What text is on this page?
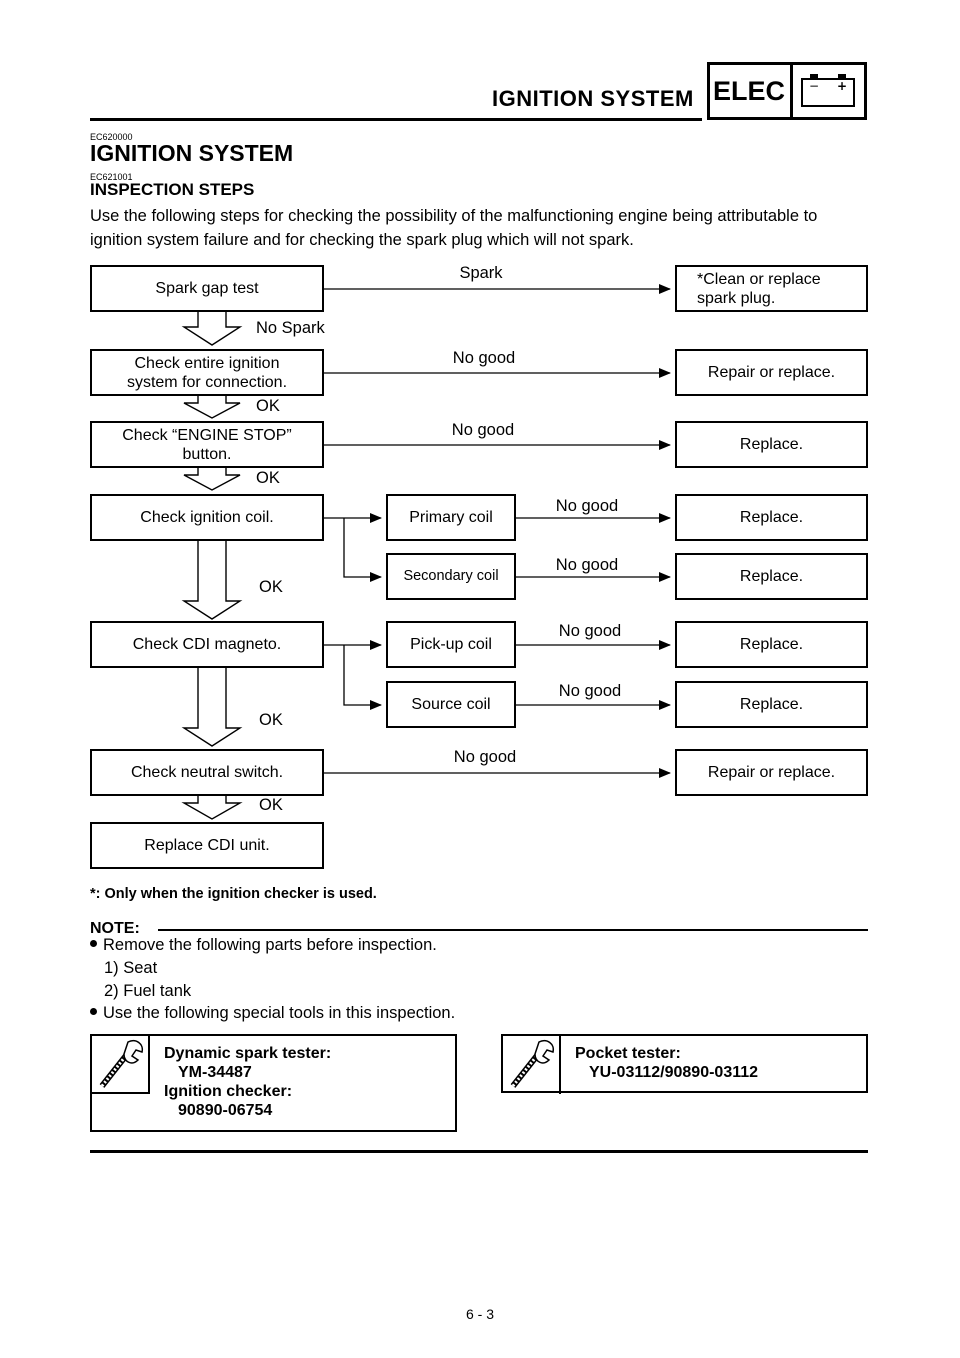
IGNITION SYSTEM ELEC − +
EC620000
IGNITION SYSTEM
EC621001
INSPECTION STEPS
Use the following steps for checking the possibility of the malfunctioning engine being attributable to ignition system failure and for checking the spark plug which will not spark.
Spark gap test
*Clean or replace
spark plug.
Check entire ignition
system for connection.
Repair or replace.
Check “ENGINE STOP”
button.
Replace.
Check ignition coil.	Primary coil	Replace.
Secondary coil	Replace.
Check CDI magneto.	Pick-up coil	Replace.
Source coil	Replace.
Check neutral switch.	Repair or replace.
Replace CDI unit.
Spark
No Spark
No good
OK
No good
OK
No good
No good
OK
No good
No good
OK
No good
OK
*: Only when the ignition checker is used.
NOTE:
Remove the following parts before inspection.
1) Seat
2) Fuel tank
Use the following special tools in this inspection.
Dynamic spark tester:
YM-34487
Ignition checker:
90890-06754
Pocket tester:
YU-03112/90890-03112
6 - 3
